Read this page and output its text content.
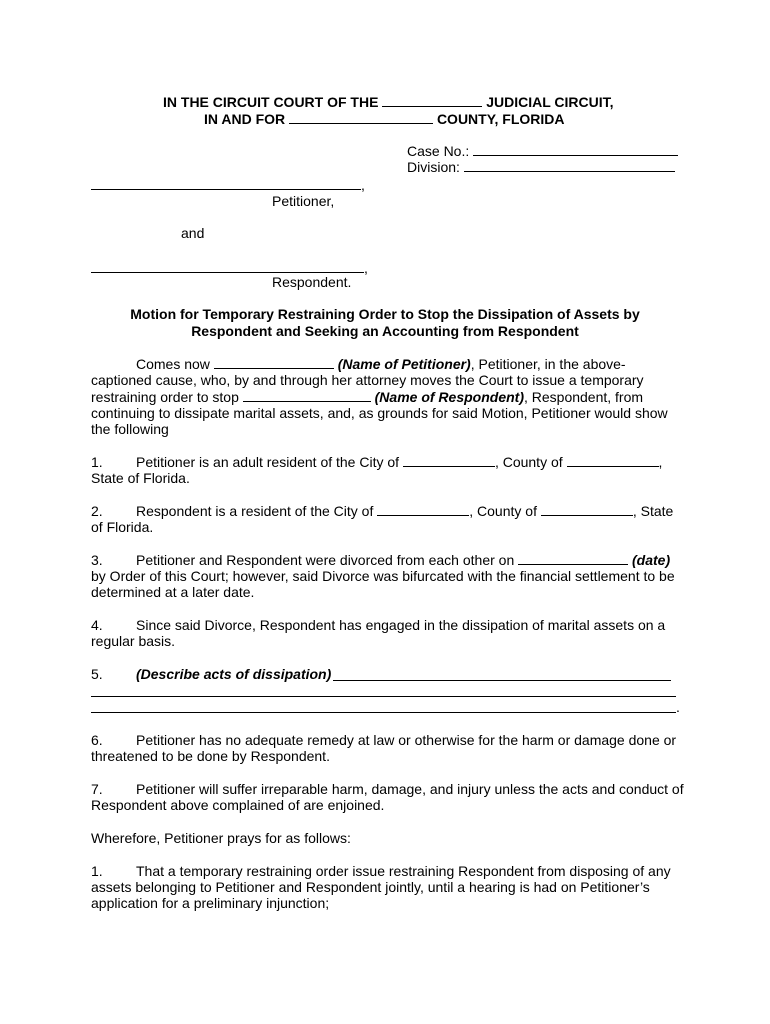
IN THE CIRCUIT COURT OF THE	JUDICIAL CIRCUIT,
IN AND FOR	COUNTY, FLORIDA
Case No.:
Division:
,
Petitioner,
and
,
Respondent.
Motion for Temporary Restraining Order to Stop the Dissipation of Assets by
Respondent and Seeking an Accounting from Respondent
Comes now	(Name of Petitioner), Petitioner, in the above-
captioned cause, who, by and through her attorney moves the Court to issue a temporary
restraining order to stop	(Name of Respondent), Respondent, from
continuing to dissipate marital assets, and, as grounds for said Motion, Petitioner would show
the following
1. Petitioner is an adult resident of the City of	, County of	,
State of Florida.
2. Respondent is a resident of the City of	, County of	, State
of Florida.
3. Petitioner and Respondent were divorced from each other on	(date)
by Order of this Court; however, said Divorce was bifurcated with the financial settlement to be
determined at a later date.
4. Since said Divorce, Respondent has engaged in the dissipation of marital assets on a
regular basis.
5. (Describe acts of dissipation)
.
6. Petitioner has no adequate remedy at law or otherwise for the harm or damage done or
threatened to be done by Respondent.
7. Petitioner will suffer irreparable harm, damage, and injury unless the acts and conduct of
Respondent above complained of are enjoined.
Wherefore, Petitioner prays for as follows:
1. That a temporary restraining order issue restraining Respondent from disposing of any
assets belonging to Petitioner and Respondent jointly, until a hearing is had on Petitioner’s
application for a preliminary injunction;
